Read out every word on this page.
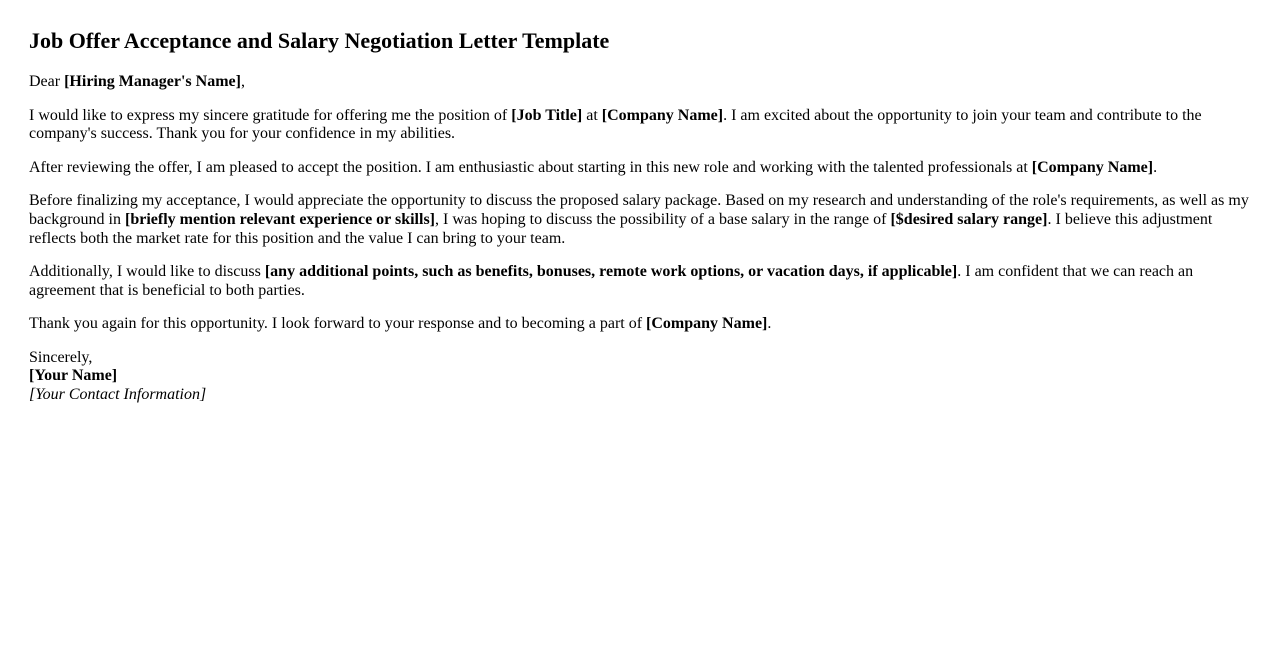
Job Offer Acceptance and Salary Negotiation Letter Template

Dear [Hiring Manager's Name],

I would like to express my sincere gratitude for offering me the position of [Job Title] at [Company Name]. I am excited about the opportunity to join your team and contribute to the company's success. Thank you for your confidence in my abilities.

After reviewing the offer, I am pleased to accept the position. I am enthusiastic about starting in this new role and working with the talented professionals at [Company Name].

Before finalizing my acceptance, I would appreciate the opportunity to discuss the proposed salary package. Based on my research and understanding of the role's requirements, as well as my background in [briefly mention relevant experience or skills], I was hoping to discuss the possibility of a base salary in the range of [$desired salary range]. I believe this adjustment reflects both the market rate for this position and the value I can bring to your team.

Additionally, I would like to discuss [any additional points, such as benefits, bonuses, remote work options, or vacation days, if applicable]. I am confident that we can reach an agreement that is beneficial to both parties.

Thank you again for this opportunity. I look forward to your response and to becoming a part of [Company Name].

Sincerely,
[Your Name]
[Your Contact Information]
